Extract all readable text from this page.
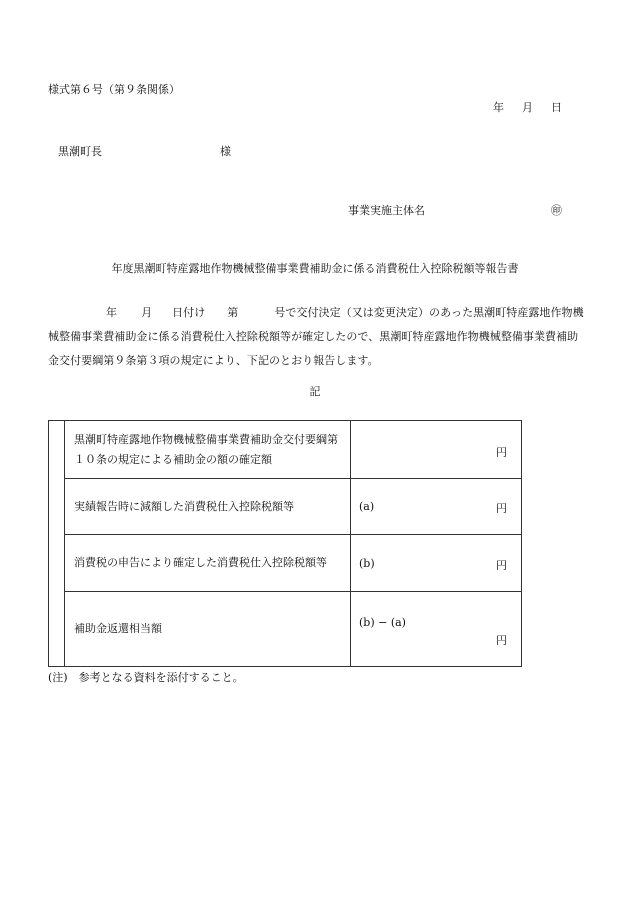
様式第６号（第９条関係）
年 月 日
黒潮町長	様
事業実施主体名	㊞
年度黒潮町特産露地作物機械整備事業費補助金に係る消費税仕入控除税額等報告書
年 月 日付け 第	号で交付決定（又は変更決定）のあった黒潮町特産露地作物機械整備事業費補助金に係る消費税仕入控除税額等が確定したので、黒潮町特産露地作物機械整備事業費補助金交付要綱第９条第３項の規定により、下記のとおり報告します。
記
	黒潮町特産露地作物機械整備事業費補助金交付要綱第１０条の規定による補助金の額の確定額	円

	実績報告時に減額した消費税仕入控除税額等	(a) 円

	消費税の申告により確定した消費税仕入控除税額等	(b) 円

	補助金返還相当額	(b) − (a)
円
(注)　参考となる資料を添付すること。
